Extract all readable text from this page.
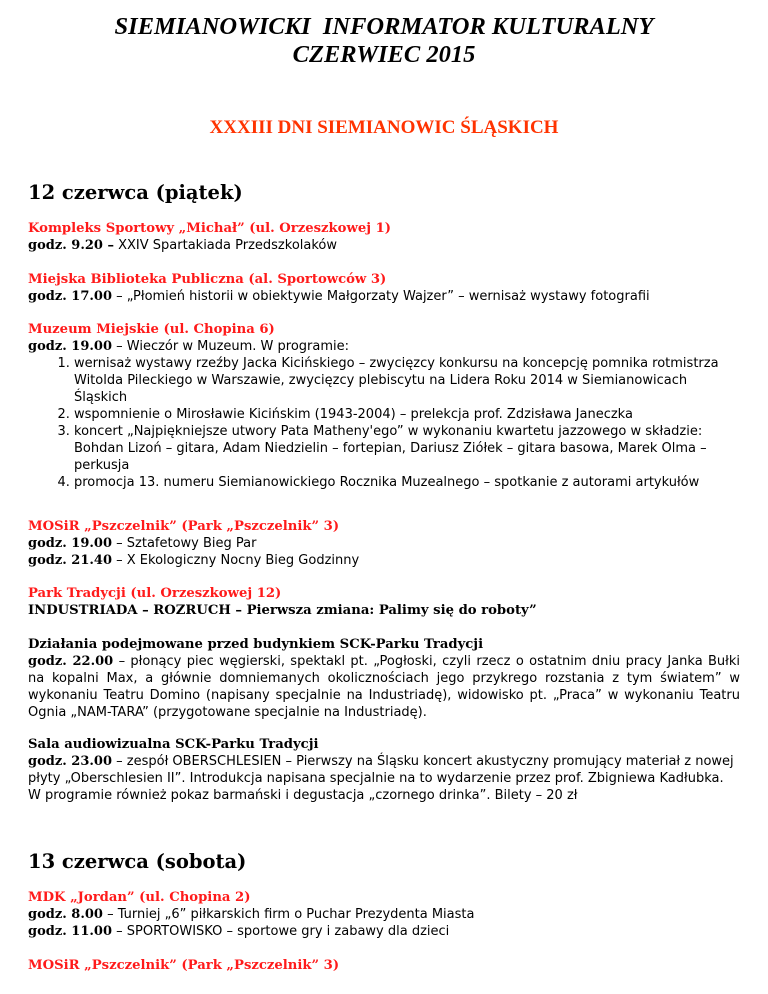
SIEMIANOWICKI  INFORMATOR KULTURALNY
CZERWIEC 2015
XXXIII DNI SIEMIANOWIC ŚLĄSKICH
12 czerwca (piątek)

Kompleks Sportowy „Michał” (ul. Orzeszkowej 1)

godz. 9.20 – XXIV Spartakiada Przedszkolaków

Miejska Biblioteka Publiczna (al. Sportowców 3)

godz. 17.00 – „Płomień historii w obiektywie Małgorzaty Wajzer” – wernisaż wystawy fotografii

Muzeum Miejskie (ul. Chopina 6)

godz. 19.00 – Wieczór w Muzeum. W programie:

1. wernisaż wystawy rzeźby Jacka Kicińskiego – zwycięzcy konkursu na koncepcję pomnika rotmistrza Witolda Pileckiego w Warszawie, zwycięzcy plebiscytu na Lidera Roku 2014 w Siemianowicach Śląskich
2. wspomnienie o Mirosławie Kicińskim (1943-2004) – prelekcja prof. Zdzisława Janeczka
3. koncert „Najpiękniejsze utwory Pata Matheny'ego” w wykonaniu kwartetu jazzowego w składzie: Bohdan Lizoń – gitara, Adam Niedzielin – fortepian, Dariusz Ziółek – gitara basowa, Marek Olma – perkusja
4. promocja 13. numeru Siemianowickiego Rocznika Muzealnego – spotkanie z autorami artykułów

MOSiR „Pszczelnik” (Park „Pszczelnik” 3)

godz. 19.00 – Sztafetowy Bieg Par

godz. 21.40 – X Ekologiczny Nocny Bieg Godzinny

Park Tradycji (ul. Orzeszkowej 12)

INDUSTRIADA – ROZRUCH – Pierwsza zmiana: Palimy się do roboty”

Działania podejmowane przed budynkiem SCK-Parku Tradycji

godz. 22.00 – płonący piec węgierski, spektakl pt. „Pogłoski, czyli rzecz o ostatnim dniu pracy Janka Bułki na kopalni Max, a głównie domniemanych okolicznościach jego przykrego rozstania z tym światem” w wykonaniu Teatru Domino (napisany specjalnie na Industriadę), widowisko pt. „Praca” w wykonaniu Teatru Ognia „NAM-TARA” (przygotowane specjalnie na Industriadę).

Sala audiowizualna SCK-Parku Tradycji

godz. 23.00 – zespół OBERSCHLESIEN – Pierwszy na Śląsku koncert akustyczny promujący materiał z nowej płyty „Oberschlesien II”. Introdukcja napisana specjalnie na to wydarzenie przez prof. Zbigniewa Kadłubka. W programie również pokaz barmański i degustacja „czornego drinka”. Bilety – 20 zł

13 czerwca (sobota)

MDK „Jordan” (ul. Chopina 2)

godz. 8.00 – Turniej „6” piłkarskich firm o Puchar Prezydenta Miasta

godz. 11.00 – SPORTOWISKO – sportowe gry i zabawy dla dzieci

MOSiR „Pszczelnik” (Park „Pszczelnik” 3)
